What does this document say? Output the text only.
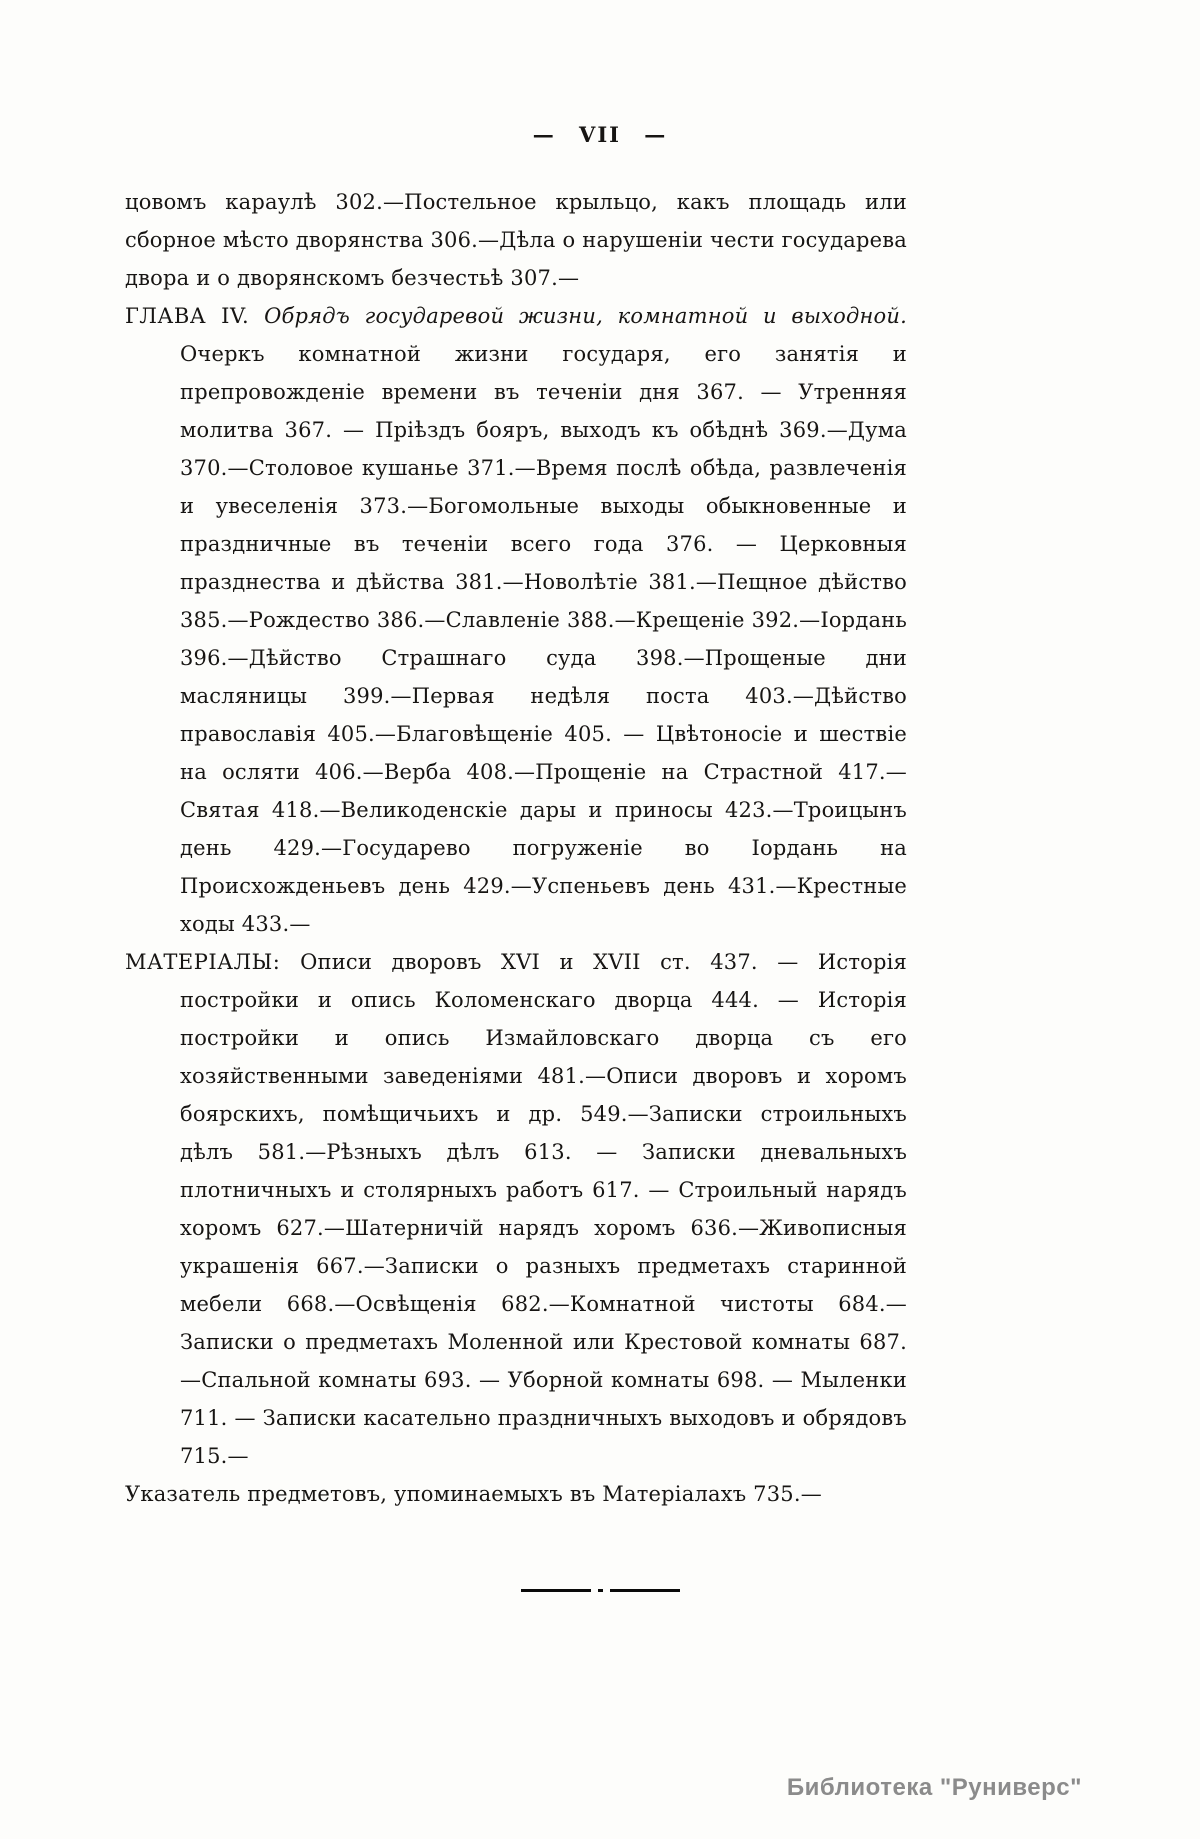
— VII —

цовомъ караулѣ 302.—Постельное крыльцо, какъ площадь или сборное мѣсто дворянства 306.—Дѣла о нарушеніи чести государева двора и о дворянскомъ безчестьѣ 307.—

ГЛАВА IV. Обрядъ государевой жизни, комнатной и выходной. Очеркъ комнатной жизни государя, его занятія и препровожденіе времени въ теченіи дня 367. — Утренняя молитва 367. — Пріѣздъ бояръ, выходъ къ обѣднѣ 369.—Дума 370.—Столовое кушанье 371.—Время послѣ обѣда, развлеченія и увеселенія 373.—Богомольные выходы обыкновенные и праздничные въ теченіи всего года 376. — Церковныя празднества и дѣйства 381.—Новолѣтіе 381.—Пещное дѣйство 385.—Рождество 386.—Славленіе 388.—Крещеніе 392.—Іордань 396.—Дѣйство Страшнаго суда 398.—Прощеные дни масляницы 399.—Первая недѣля поста 403.—Дѣйство православія 405.—Благовѣщеніе 405. — Цвѣтоносіе и шествіе на осляти 406.—Верба 408.—Прощеніе на Страстной 417.—Святая 418.—Великоденскіе дары и приносы 423.—Троицынъ день 429.—Государево погруженіе во Іордань на Происхожденьевъ день 429.—Успеньевъ день 431.—Крестные ходы 433.—

МАТЕРІАЛЫ: Описи дворовъ XVI и XVII ст. 437. — Исторія постройки и опись Коломенскаго дворца 444. — Исторія постройки и опись Измайловскаго дворца съ его хозяйственными заведеніями 481.—Описи дворовъ и хоромъ боярскихъ, помѣщичьихъ и др. 549.—Записки строильныхъ дѣлъ 581.—Рѣзныхъ дѣлъ 613. — Записки дневальныхъ плотничныхъ и столярныхъ работъ 617. — Строильный нарядъ хоромъ 627.—Шатерничій нарядъ хоромъ 636.—Живописныя украшенія 667.—Записки о разныхъ предметахъ старинной мебели 668.—Освѣщенія 682.—Комнатной чистоты 684.—Записки о предметахъ Моленной или Крестовой комнаты 687.—Спальной комнаты 693. — Уборной комнаты 698. — Мыленки 711. — Записки касательно праздничныхъ выходовъ и обрядовъ 715.—

Указатель предметовъ, упоминаемыхъ въ Матеріалахъ 735.—

Библиотека "Руниверс"
